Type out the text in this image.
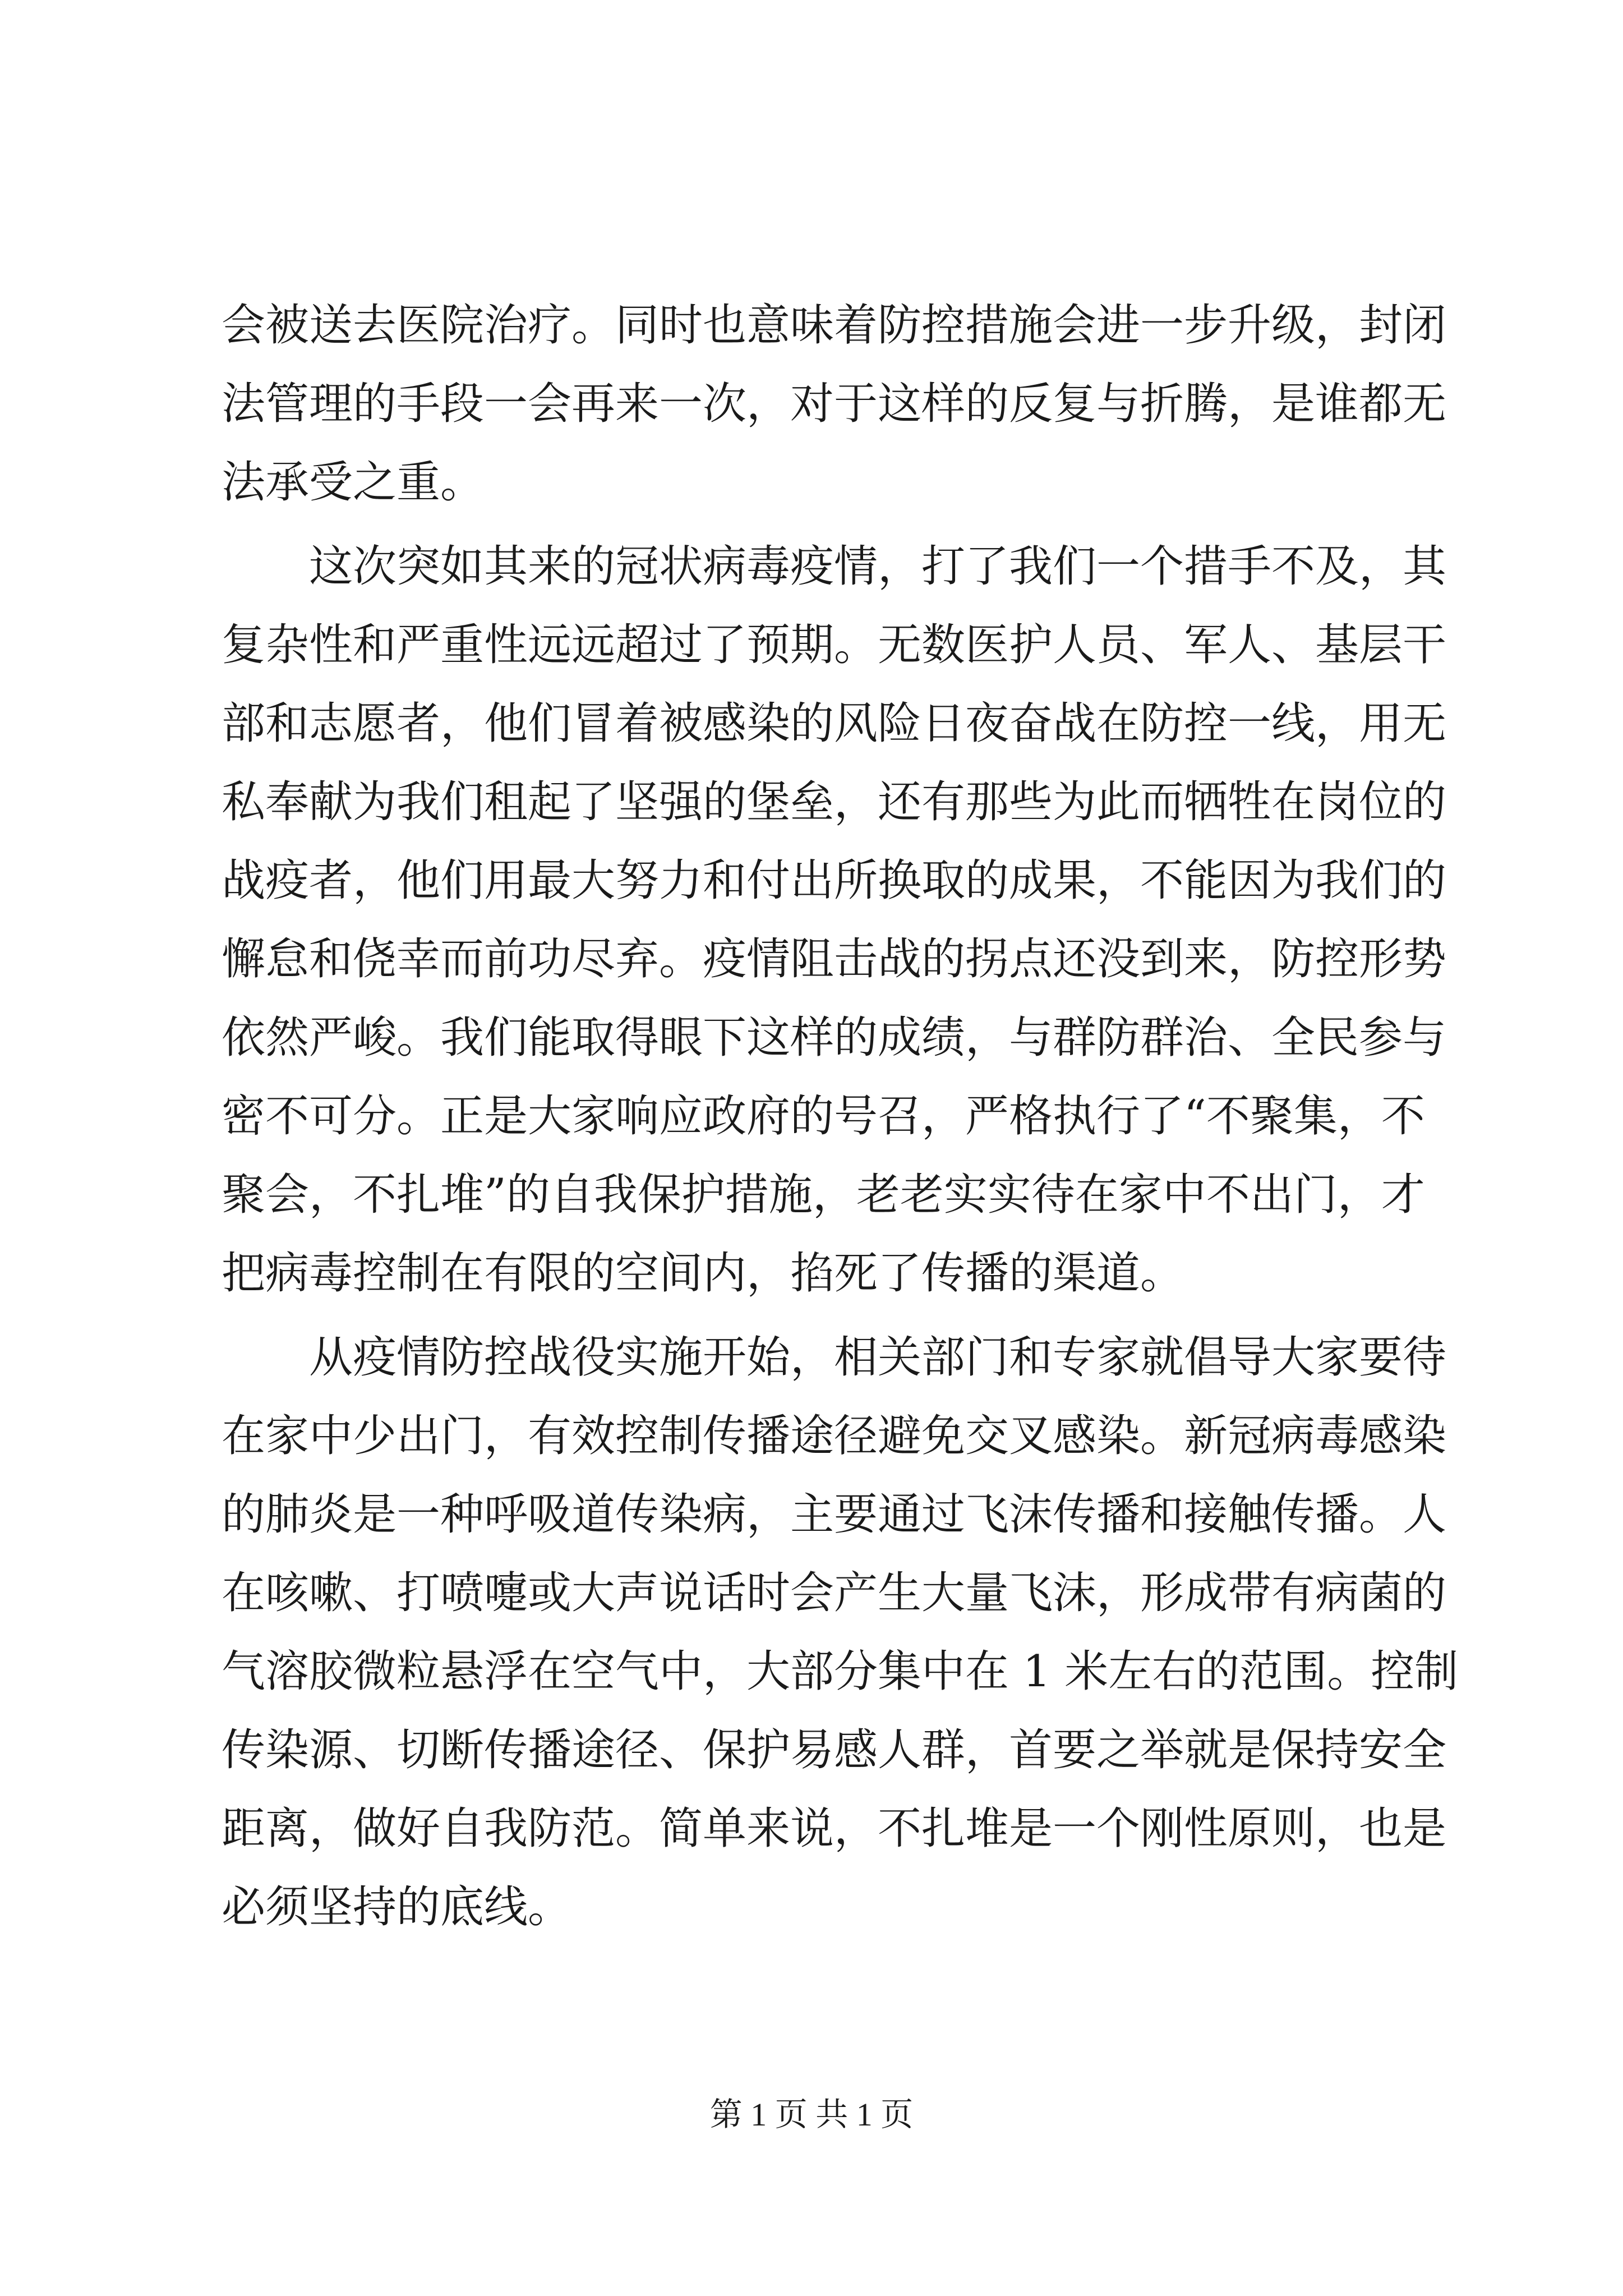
会被送去医院治疗。同时也意味着防控措施会进一步升级，封闭
法管理的手段一会再来一次，对于这样的反复与折腾，是谁都无
法承受之重。
这次突如其来的冠状病毒疫情，打了我们一个措手不及，其
复杂性和严重性远远超过了预期。无数医护人员、军人、基层干
部和志愿者，他们冒着被感染的风险日夜奋战在防控一线，用无
私奉献为我们租起了坚强的堡垒，还有那些为此而牺牲在岗位的
战疫者，他们用最大努力和付出所换取的成果，不能因为我们的
懈怠和侥幸而前功尽弃。疫情阻击战的拐点还没到来，防控形势
依然严峻。我们能取得眼下这样的成绩，与群防群治、全民参与
密不可分。正是大家响应政府的号召，严格执行了“不聚集，不
聚会，不扎堆”的自我保护措施，老老实实待在家中不出门，才
把病毒控制在有限的空间内，掐死了传播的渠道。
从疫情防控战役实施开始，相关部门和专家就倡导大家要待
在家中少出门，有效控制传播途径避免交叉感染。新冠病毒感染
的肺炎是一种呼吸道传染病，主要通过飞沫传播和接触传播。人
在咳嗽、打喷嚏或大声说话时会产生大量飞沫，形成带有病菌的
气溶胶微粒悬浮在空气中，大部分集中在 1 米左右的范围。控制
传染源、切断传播途径、保护易感人群，首要之举就是保持安全
距离，做好自我防范。简单来说，不扎堆是一个刚性原则，也是
必须坚持的底线。
第 1 页 共 1 页
